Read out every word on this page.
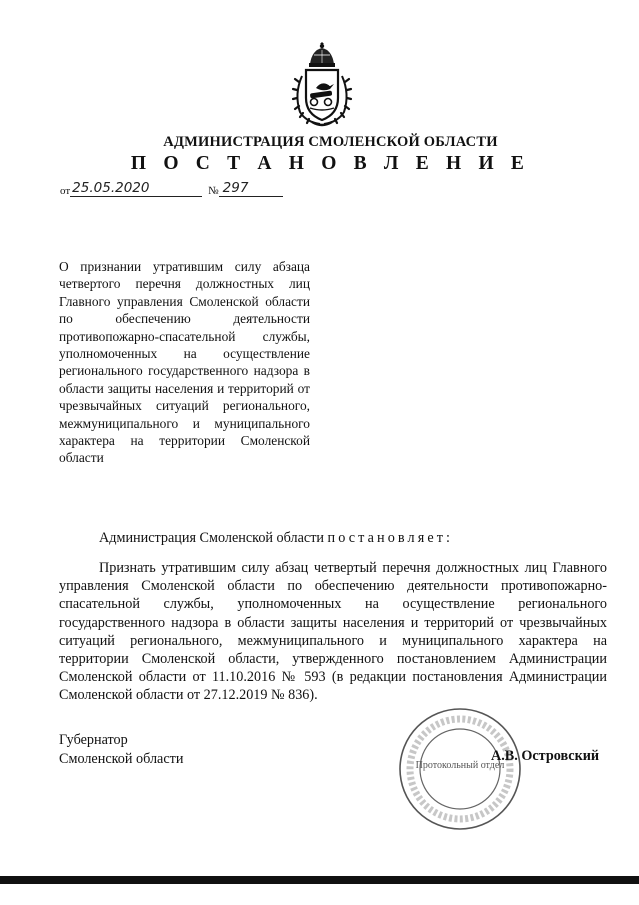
АДМИНИСТРАЦИЯ СМОЛЕНСКОЙ ОБЛАСТИ
П О С Т А Н О В Л Е Н И Е
от 25.05.2020	№ 297
О признании утратившим силу абзаца четвертого перечня должностных лиц Главного управления Смоленской области по обеспечению деятельности противопожарно-спасательной службы, уполномоченных на осуществление регионального государственного надзора в области защиты населения и территорий от чрезвычайных ситуаций регионального, межмуниципального и муниципального характера на территории Смоленской области
Администрация Смоленской области постановляет:
Признать утратившим силу абзац четвертый перечня должностных лиц Главного управления Смоленской области по обеспечению деятельности противопожарно-спасательной службы, уполномоченных на осуществление регионального государственного надзора в области защиты населения и территорий от чрезвычайных ситуаций регионального, межмуниципального и муниципального характера на территории Смоленской области, утвержденного постановлением Администрации Смоленской области от 11.10.2016 № 593 (в редакции постановления Администрации Смоленской области от 27.12.2019 № 836).
Губернатор
Смоленской области	Протокольный отдел
А.В. Островский
